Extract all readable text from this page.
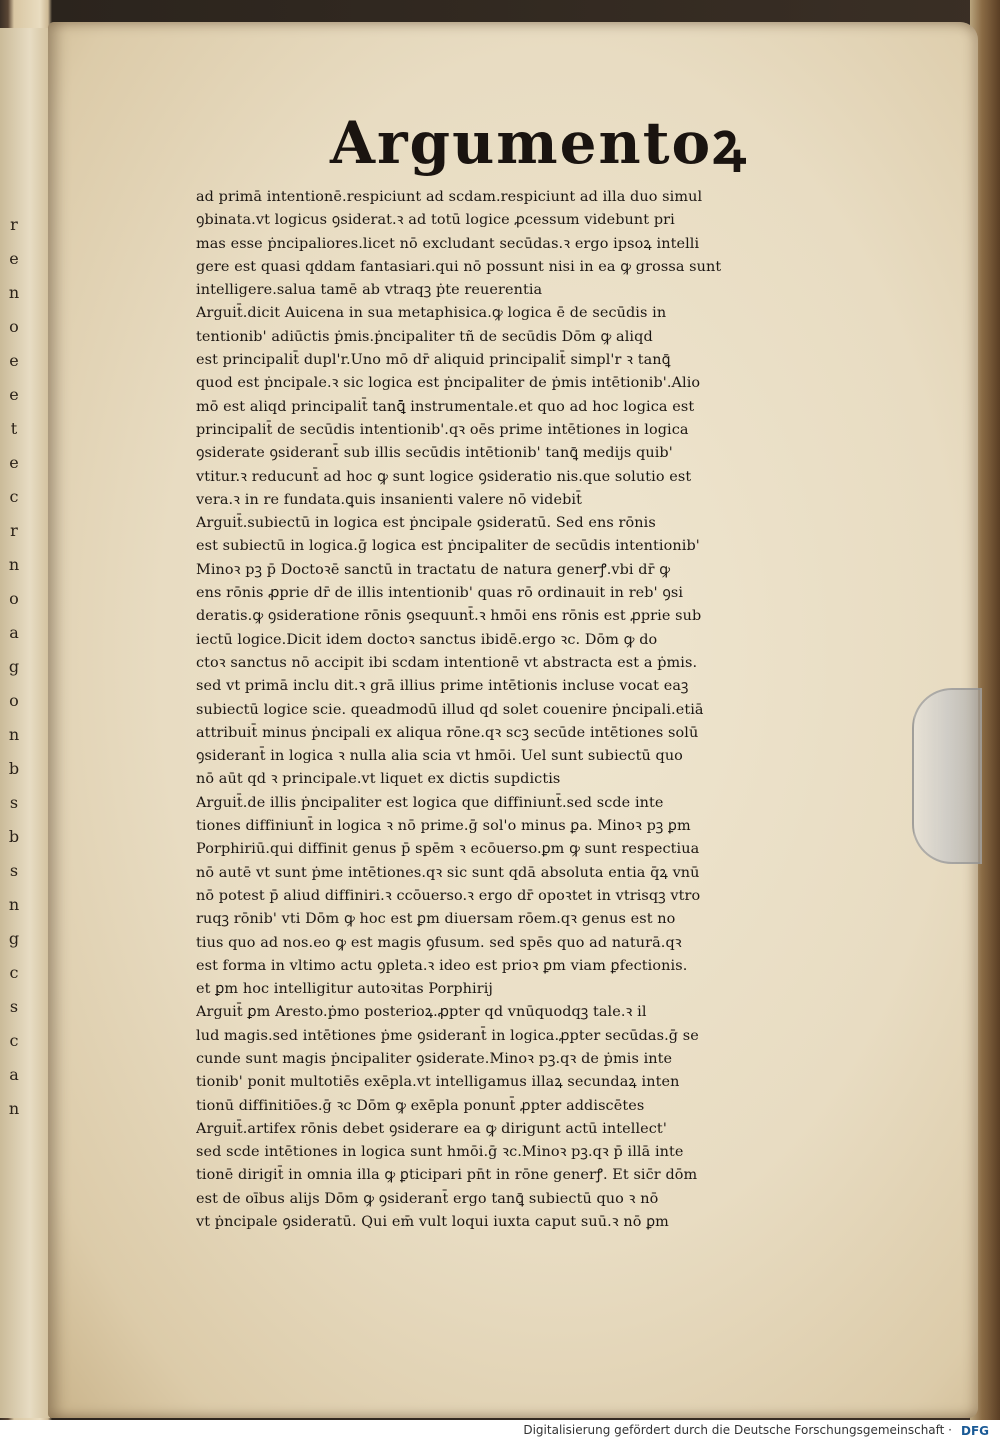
r
e
n
o
e
e
t
e
c
r
n
o
a
g
o
n
b
s
b
s
n
g
c
s
c
a
n
Argumentoꝝ
ad primā intentionē.respiciunt ad scdam.respiciunt ad illa duo simul
ꝯbinata.vt logicus ꝯsiderat.ꝛ ad totū logice ꝓcessum videbunt pri
mas esse ṗncipaliores.licet nō excludant secūdas.ꝛ ergo ipsoꝝ intelli
gere est quasi qddam fantasiari.qui nō possunt nisi in ea ꝙ grossa sunt
intelligere.salua tamē ab vtraqꝫ ṗte reuerentia
Arguit̄.dicit Auicena in sua metaphisica.ꝙ logica ē de secūdis in
tentionib' adiūctis ṗmis.ṗncipaliter tñ de secūdis Dōm ꝙ aliqd
est principalit̄ dupl'r.Uno mō dr̄ aliquid principalit̄ simpl'r ꝛ tanꝗ̄
quod est ṗncipale.ꝛ sic logica est ṗncipaliter de ṗmis intētionib'.Alio
mō est aliqd principalit̄ tanꝗ̄ instrumentale.et quo ad hoc logica est
principalit̄ de secūdis intentionib'.qꝛ oēs prime intētiones in logica
ꝯsiderate ꝯsiderant̄ sub illis secūdis intētionib' tanꝗ̄ medijs quib'
vtitur.ꝛ reducunt̄ ad hoc ꝙ sunt logice ꝯsideratio nis.que solutio est
vera.ꝛ in re fundata.ꝗuis insanienti valere nō videbit̄
Arguit̄.subiectū in logica est ṗncipale ꝯsideratū. Sed ens rōnis
est subiectū in logica.ḡ logica est ṗncipaliter de secūdis intentionib'
Minoꝛ pꝫ p̄ Doctoꝛē sanctū in tractatu de natura generꝭ.vbi dr̄ ꝙ
ens rōnis ꝓprie dr̄ de illis intentionib' quas rō ordinauit in reb' ꝯsi
deratis.ꝙ ꝯsideratione rōnis ꝯsequunt̄.ꝛ hmōi ens rōnis est ꝓprie sub
iectū logice.Dicit idem doctoꝛ sanctus ibidē.ergo ꝛc. Dōm ꝙ do
ctoꝛ sanctus nō accipit ibi scdam intentionē vt abstracta est a ṗmis.
sed vt primā inclu dit.ꝛ grā illius prime intētionis incluse vocat eaꝫ
subiectū logice scie. queadmodū illud qd solet couenire ṗncipali.etiā
attribuit̄ minus ṗncipali ex aliqua rōne.qꝛ scꝫ secūde intētiones solū
ꝯsiderant̄ in logica ꝛ nulla alia scia vt hmōi. Uel sunt subiectū quo
nō aūt qd ꝛ principale.vt liquet ex dictis supdictis
Arguit̄.de illis ṗncipaliter est logica que diffiniunt̄.sed scde inte
tiones diffiniunt̄ in logica ꝛ nō prime.ḡ sol'o minus ꝑa. Minoꝛ pꝫ ꝑm
Porphiriū.qui diffinit genus p̄ spēm ꝛ ecōuerso.ꝑm ꝙ sunt respectiua
nō autē vt sunt ṗme intētiones.qꝛ sic sunt qdā absoluta entia q̄ꝝ vnū
nō potest p̄ aliud diffiniri.ꝛ ccōuerso.ꝛ ergo dr̄ opoꝛtet in vtrisqꝫ vtro
ruqꝫ rōnib' vti Dōm ꝙ hoc est ꝑm diuersam rōem.qꝛ genus est no
tius quo ad nos.eo ꝙ est magis ꝯfusum. sed spēs quo ad naturā.qꝛ
est forma in vltimo actu ꝯpleta.ꝛ ideo est prioꝛ ꝑm viam ꝑfectionis.
et ꝑm hoc intelligitur autoꝛitas Porphirij
Arguit̄ ꝑm Aresto.ṗmo posterioꝝ.ꝓpter qd vnūquodqꝫ tale.ꝛ il
lud magis.sed intētiones ṗme ꝯsiderant̄ in logica.ꝓpter secūdas.ḡ se
cunde sunt magis ṗncipaliter ꝯsiderate.Minoꝛ pꝫ.qꝛ de ṗmis inte
tionib' ponit multotiēs exēpla.vt intelligamus illaꝝ secundaꝝ inten
tionū diffinitiōes.ḡ ꝛc Dōm ꝙ exēpla ponunt̄ ꝓpter addiscētes
Arguit̄.artifex rōnis debet ꝯsiderare ea ꝙ dirigunt actū intellect'
sed scde intētiones in logica sunt hmōi.ḡ ꝛc.Minoꝛ pꝫ.qꝛ p̄ illā inte
tionē dirigit̄ in omnia illa ꝙ ꝑticipari pn̄t in rōne generꝭ. Et sic̄r dōm
est de oībus alijs Dōm ꝙ ꝯsiderant̄ ergo tanꝗ̄ subiectū quo ꝛ nō
vt ṗncipale ꝯsideratū. Qui em̄ vult loqui iuxta caput suū.ꝛ nō ꝑm
Digitalisierung gefördert durch die Deutsche Forschungsgemeinschaft · DFG
